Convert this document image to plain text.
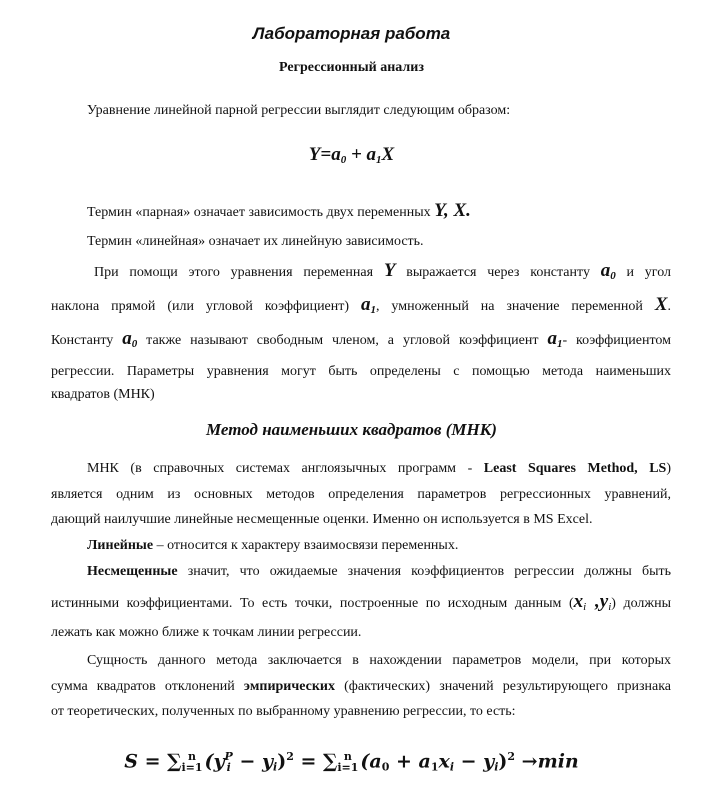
Лабораторная работа
Регрессионный анализ
Уравнение линейной парной регрессии выглядит следующим образом:
$Y=a_0 + a_1X$
Термин «парная» означает зависимость двух переменных Y, X.
Термин «линейная» означает их линейную зависимость.
При помощи этого уравнения переменная Y выражается через константу $a_0$ и угол
наклона прямой (или угловой коэффициент) $a_1$, умноженный на значение переменной X.
Константу $a_0$ также называют свободным членом, а угловой коэффициент $a_1-$ коэффициентом
регрессии. Параметры уравнения могут быть определены с помощью метода наименьших
квадратов (МНК)
Метод наименьших квадратов (МНК)
МНК (в справочных системах англоязычных программ - Least Squares Method, LS)
является одним из основных методов определения параметров регрессионных уравнений,
дающий наилучшие линейные несмещенные оценки. Именно он используется в MS Excel.
Линейные – относится к характеру взаимосвязи переменных.
Несмещенные значит, что ожидаемые значения коэффициентов регрессии должны быть
истинными коэффициентами. То есть точки, построенные по исходным данным ($x_i$ $,y_i$) должны
лежать как можно ближе к точкам линии регрессии.
Сущность данного метода заключается в нахождении параметров модели, при которых
сумма квадратов отклонений эмпирических (фактических) значений результирующего признака
от теоретических, полученных по выбранному уравнению регрессии, то есть:
S = ∑ n
i=1 (y P
$i - y_i)^2$ = ∑ n
i=1 $(a_0 + a_1x_i - y_i)^2 \to\min$
